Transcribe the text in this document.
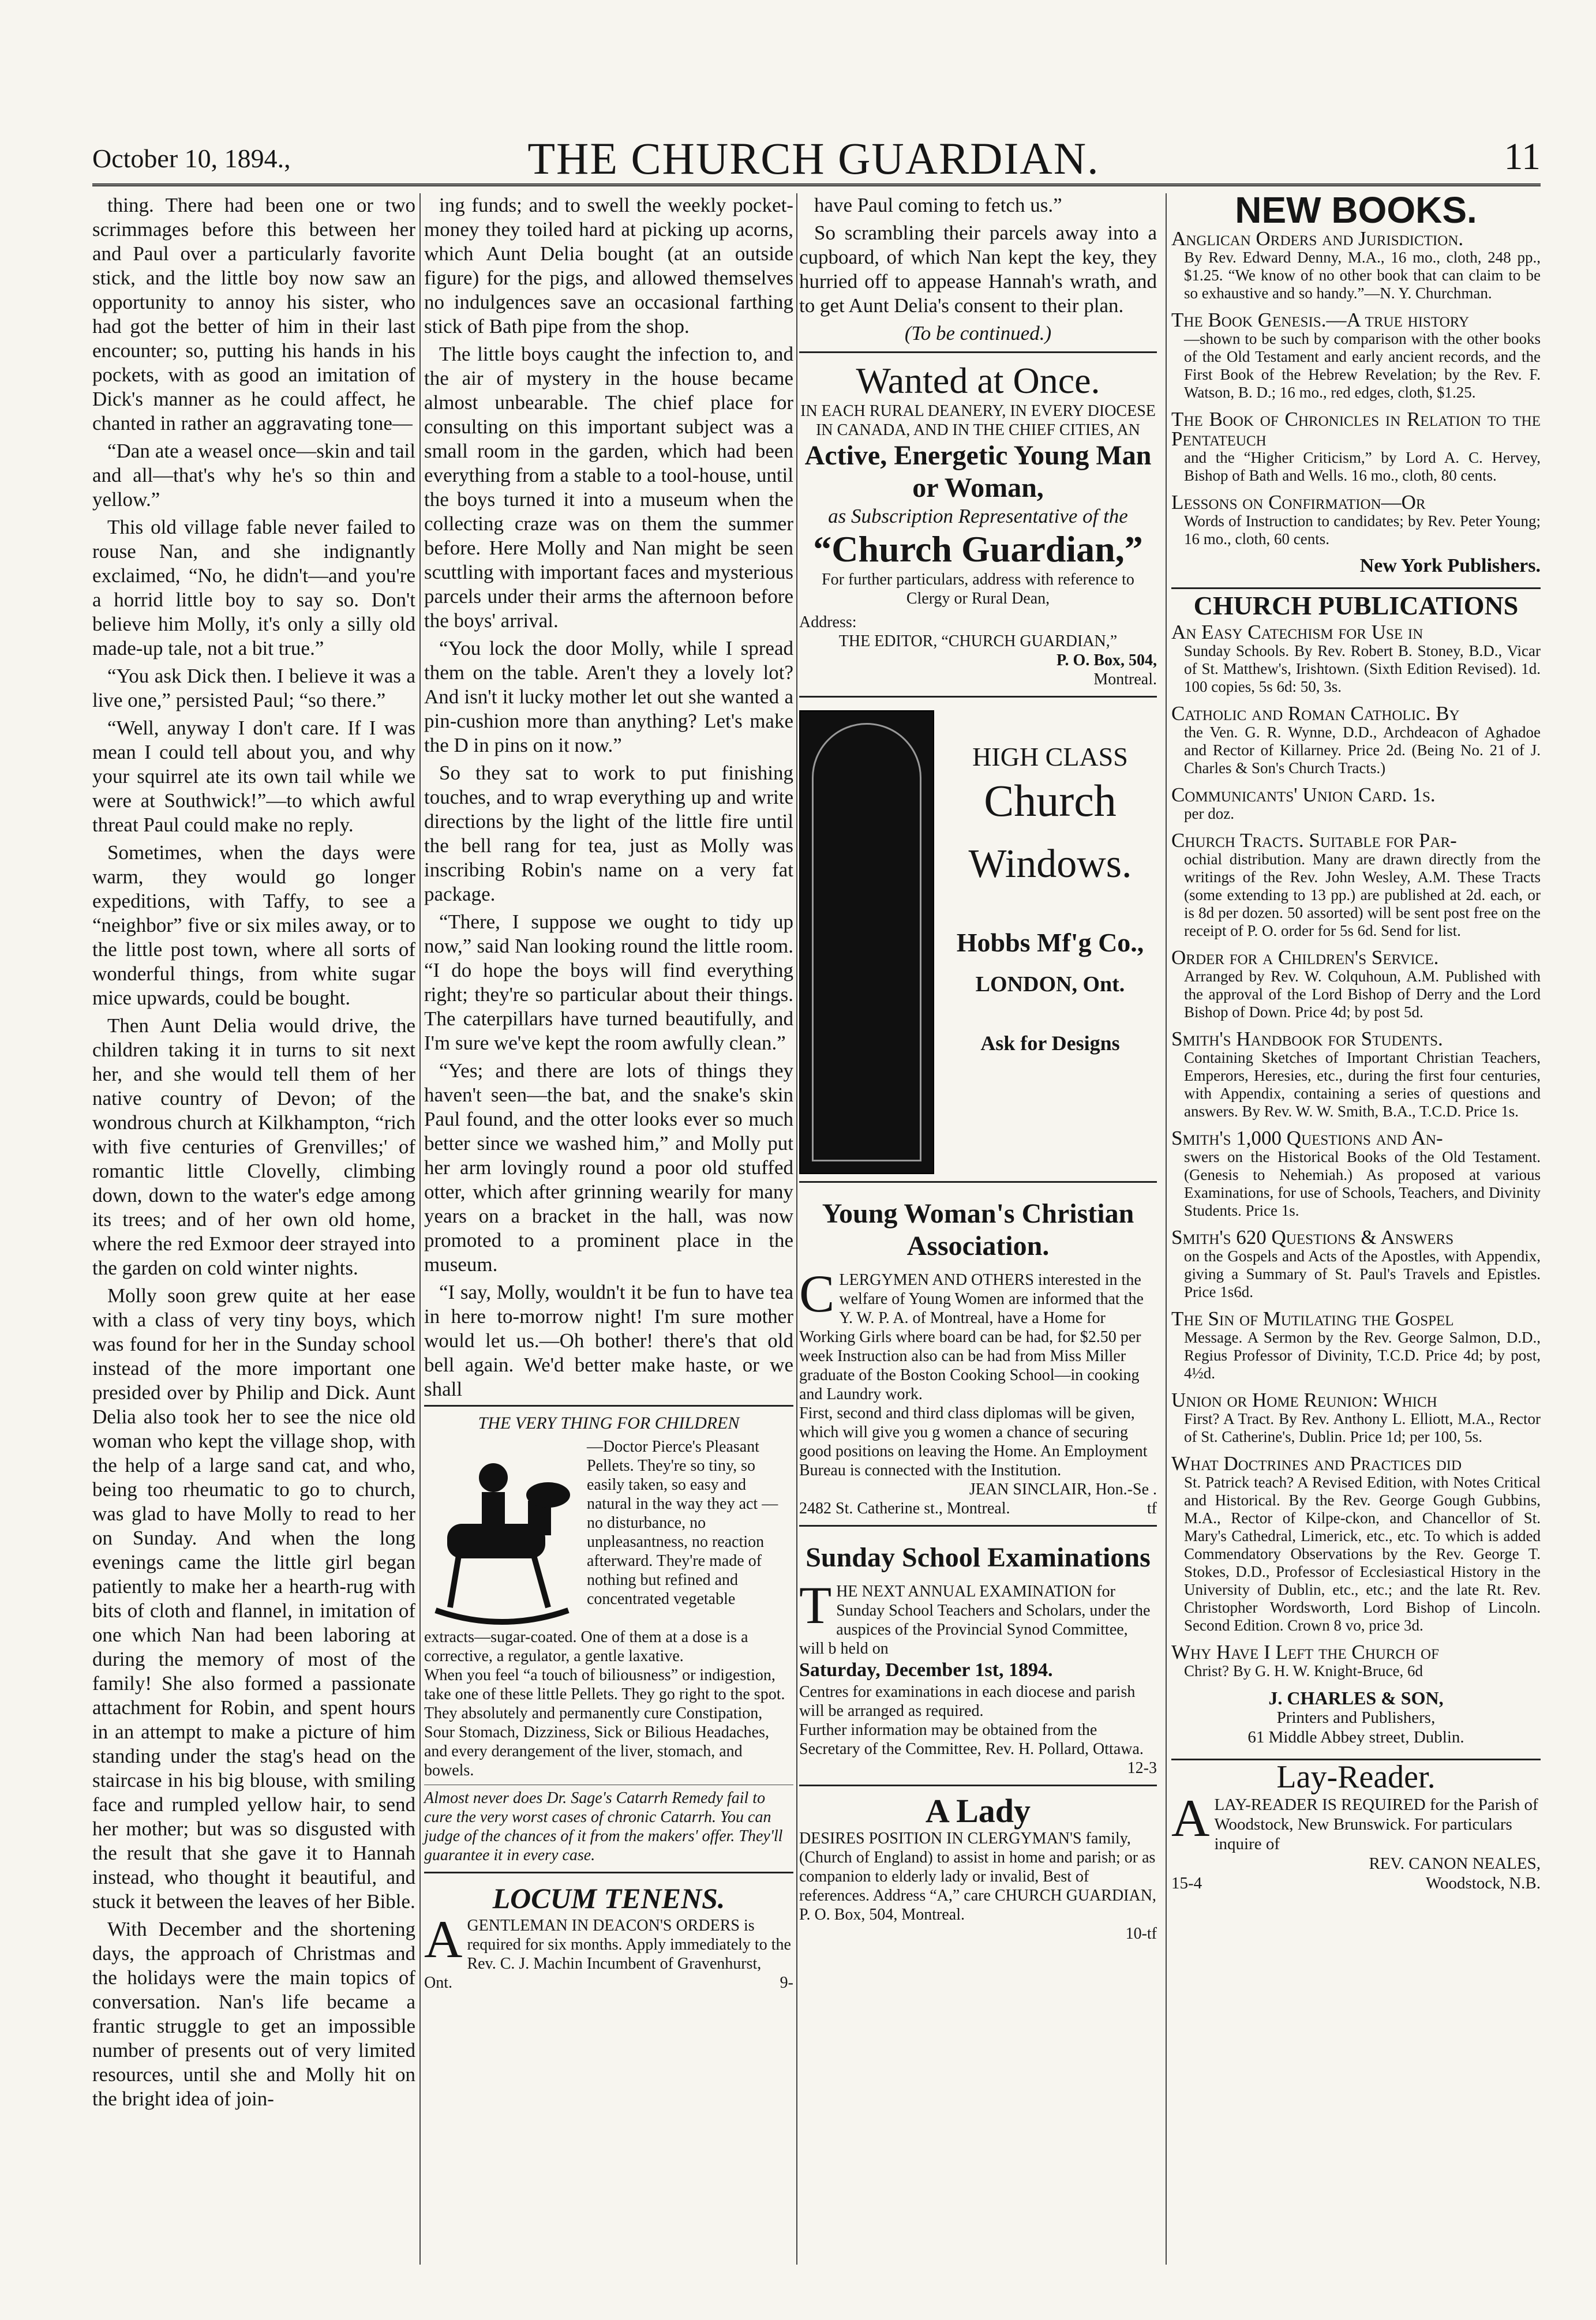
October 10, 1894.,	THE CHURCH GUARDIAN.	11

thing. There had been one or two scrimmages before this between her and Paul over a particularly favorite stick, and the little boy now saw an opportunity to annoy his sister, who had got the better of him in their last encounter; so, putting his hands in his pockets, with as good an imitation of Dick's manner as he could affect, he chanted in rather an aggravating tone—

“Dan ate a weasel once—skin and tail and all—that's why he's so thin and yellow.”

This old village fable never failed to rouse Nan, and she indignantly exclaimed, “No, he didn't—and you're a horrid little boy to say so. Don't believe him Molly, it's only a silly old made-up tale, not a bit true.”

“You ask Dick then. I believe it was a live one,” persisted Paul; “so there.”

“Well, anyway I don't care. If I was mean I could tell about you, and why your squirrel ate its own tail while we were at Southwick!”—to which awful threat Paul could make no reply.

Sometimes, when the days were warm, they would go longer expeditions, with Taffy, to see a “neighbor” five or six miles away, or to the little post town, where all sorts of wonderful things, from white sugar mice upwards, could be bought.

Then Aunt Delia would drive, the children taking it in turns to sit next her, and she would tell them of her native country of Devon; of the wondrous church at Kilkhampton, “rich with five centuries of Grenvilles;' of romantic little Clovelly, climbing down, down to the water's edge among its trees; and of her own old home, where the red Exmoor deer strayed into the garden on cold winter nights.

Molly soon grew quite at her ease with a class of very tiny boys, which was found for her in the Sunday school instead of the more important one presided over by Philip and Dick. Aunt Delia also took her to see the nice old woman who kept the village shop, with the help of a large sand cat, and who, being too rheumatic to go to church, was glad to have Molly to read to her on Sunday. And when the long evenings came the little girl began patiently to make her a hearth-rug with bits of cloth and flannel, in imitation of one which Nan had been laboring at during the memory of most of the family! She also formed a passionate attachment for Robin, and spent hours in an attempt to make a picture of him standing under the stag's head on the staircase in his big blouse, with smiling face and rumpled yellow hair, to send her mother; but was so disgusted with the result that she gave it to Hannah instead, who thought it beautiful, and stuck it between the leaves of her Bible.

With December and the shortening days, the approach of Christmas and the holidays were the main topics of conversation. Nan's life became a frantic struggle to get an impossible number of presents out of very limited resources, until she and Molly hit on the bright idea of join-

ing funds; and to swell the weekly pocket-money they toiled hard at picking up acorns, which Aunt Delia bought (at an outside figure) for the pigs, and allowed themselves no indulgences save an occasional farthing stick of Bath pipe from the shop.

The little boys caught the infection to, and the air of mystery in the house became almost unbearable. The chief place for consulting on this important subject was a small room in the garden, which had been everything from a stable to a tool-house, until the boys turned it into a museum when the collecting craze was on them the summer before. Here Molly and Nan might be seen scuttling with important faces and mysterious parcels under their arms the afternoon before the boys' arrival.

“You lock the door Molly, while I spread them on the table. Aren't they a lovely lot? And isn't it lucky mother let out she wanted a pin-cushion more than anything? Let's make the D in pins on it now.”

So they sat to work to put finishing touches, and to wrap everything up and write directions by the light of the little fire until the bell rang for tea, just as Molly was inscribing Robin's name on a very fat package.

“There, I suppose we ought to tidy up now,” said Nan looking round the little room. “I do hope the boys will find everything right; they're so particular about their things. The caterpillars have turned beautifully, and I'm sure we've kept the room awfully clean.”

“Yes; and there are lots of things they haven't seen—the bat, and the snake's skin Paul found, and the otter looks ever so much better since we washed him,” and Molly put her arm lovingly round a poor old stuffed otter, which after grinning wearily for many years on a bracket in the hall, was now promoted to a prominent place in the museum.

“I say, Molly, wouldn't it be fun to have tea in here to-morrow night! I'm sure mother would let us.—Oh bother! there's that old bell again. We'd better make haste, or we shall

THE VERY THING FOR CHILDREN
—Doctor Pierce's Pleasant Pellets. They're so tiny, so easily taken, so easy and natural in the way they act — no disturbance, no unpleasantness, no reaction afterward. They're made of nothing but refined and concentrated vegetable
extracts—sugar-coated. One of them at a dose is a corrective, a regulator, a gentle laxative.
When you feel “a touch of biliousness” or indigestion, take one of these little Pellets. They go right to the spot.
They absolutely and permanently cure Constipation, Sour Stomach, Dizziness, Sick or Bilious Headaches, and every derangement of the liver, stomach, and bowels.
Almost never does Dr. Sage's Catarrh Remedy fail to cure the very worst cases of chronic Catarrh. You can judge of the chances of it from the makers' offer. They'll guarantee it in every case.
LOCUM TENENS.
A GENTLEMAN IN DEACON'S ORDERS is required for six months. Apply immediately to the Rev. C. J. Machin Incumbent of Gravenhurst, Ont.	9-

have Paul coming to fetch us.”

So scrambling their parcels away into a cupboard, of which Nan kept the key, they hurried off to appease Hannah's wrath, and to get Aunt Delia's consent to their plan.

(To be continued.)
Wanted at Once.
IN EACH RURAL DEANERY, IN EVERY DIOCESE IN CANADA, AND IN THE CHIEF CITIES, AN
Active, Energetic Young Man or Woman,
as Subscription Representative of the
“Church Guardian,”
For further particulars, address with reference to Clergy or Rural Dean,
Address:
THE EDITOR, “CHURCH GUARDIAN,”
P. O. Box, 504,
Montreal.
HIGH CLASS
Church
Windows.
Hobbs Mf'g Co.,
LONDON, Ont.
Ask for Designs
Young Woman's Christian Association.
C LERGYMEN AND OTHERS interested in the welfare of Young Women are informed that the Y. W. P. A. of Montreal, have a Home for Working Girls where board can be had, for $2.50 per week Instruction also can be had from Miss Miller graduate of the Boston Cooking School—in cooking and Laundry work.
First, second and third class diplomas will be given, which will give you g women a chance of securing good positions on leaving the Home. An Employment Bureau is connected with the Institution.
JEAN SINCLAIR, Hon.-Se .
2482 St. Catherine st., Montreal.	tf
Sunday School Examinations
T HE NEXT ANNUAL EXAMINATION for Sunday School Teachers and Scholars, under the auspices of the Provincial Synod Committee, will b held on
Saturday, December 1st, 1894.
Centres for examinations in each diocese and parish will be arranged as required.
Further information may be obtained from the Secretary of the Committee, Rev. H. Pollard, Ottawa.
12-3
A Lady
DESIRES POSITION IN CLERGYMAN'S family, (Church of England) to assist in home and parish; or as companion to elderly lady or invalid, Best of references. Address “A,” care CHURCH GUARDIAN, P. O. Box, 504, Montreal.
10-tf
NEW BOOKS.
Anglican Orders and Jurisdiction.
By Rev. Edward Denny, M.A., 16 mo., cloth, 248 pp., $1.25. “We know of no other book that can claim to be so exhaustive and so handy.”—N. Y. Churchman.
The Book Genesis.—A true history
—shown to be such by comparison with the other books of the Old Testament and early ancient records, and the First Book of the Hebrew Revelation; by the Rev. F. Watson, B. D.; 16 mo., red edges, cloth, $1.25.
The Book of Chronicles in Relation to the Pentateuch
and the “Higher Criticism,” by Lord A. C. Hervey, Bishop of Bath and Wells. 16 mo., cloth, 80 cents.
Lessons on Confirmation—Or
Words of Instruction to candidates; by Rev. Peter Young; 16 mo., cloth, 60 cents.
New York Publishers.
CHURCH PUBLICATIONS
An Easy Catechism for Use in
Sunday Schools. By Rev. Robert B. Stoney, B.D., Vicar of St. Matthew's, Irishtown. (Sixth Edition Revised). 1d. 100 copies, 5s 6d: 50, 3s.
Catholic and Roman Catholic. By
the Ven. G. R. Wynne, D.D., Archdeacon of Aghadoe and Rector of Killarney. Price 2d. (Being No. 21 of J. Charles & Son's Church Tracts.)
Communicants' Union Card. 1s.
per doz.
Church Tracts. Suitable for Par-
ochial distribution. Many are drawn directly from the writings of the Rev. John Wesley, A.M. These Tracts (some extending to 13 pp.) are published at 2d. each, or is 8d per dozen. 50 assorted) will be sent post free on the receipt of P. O. order for 5s 6d. Send for list.
Order for a Children's Service.
Arranged by Rev. W. Colquhoun, A.M. Published with the approval of the Lord Bishop of Derry and the Lord Bishop of Down. Price 4d; by post 5d.
Smith's Handbook for Students.
Containing Sketches of Important Christian Teachers, Emperors, Heresies, etc., during the first four centuries, with Appendix, containing a series of questions and answers. By Rev. W. W. Smith, B.A., T.C.D. Price 1s.
Smith's 1,000 Questions and An-
swers on the Historical Books of the Old Testament. (Genesis to Nehemiah.) As proposed at various Examinations, for use of Schools, Teachers, and Divinity Students. Price 1s.
Smith's 620 Questions & Answers
on the Gospels and Acts of the Apostles, with Appendix, giving a Summary of St. Paul's Travels and Epistles. Price 1s6d.
The Sin of Mutilating the Gospel
Message. A Sermon by the Rev. George Salmon, D.D., Regius Professor of Divinity, T.C.D. Price 4d; by post, 4½d.
Union or Home Reunion: Which
First? A Tract. By Rev. Anthony L. Elliott, M.A., Rector of St. Catherine's, Dublin. Price 1d; per 100, 5s.
What Doctrines and Practices did
St. Patrick teach? A Revised Edition, with Notes Critical and Historical. By the Rev. George Gough Gubbins, M.A., Rector of Kilpe-ckon, and Chancellor of St. Mary's Cathedral, Limerick, etc., etc. To which is added Commendatory Observations by the Rev. George T. Stokes, D.D., Professor of Ecclesiastical History in the University of Dublin, etc., etc.; and the late Rt. Rev. Christopher Wordsworth, Lord Bishop of Lincoln. Second Edition. Crown 8 vo, price 3d.
Why Have I Left the Church of
Christ? By G. H. W. Knight-Bruce, 6d
J. CHARLES & SON,
Printers and Publishers,
61 Middle Abbey street, Dublin.
Lay-Reader.
A LAY-READER IS REQUIRED for the Parish of Woodstock, New Brunswick. For particulars inquire of
REV. CANON NEALES,
15-4	Woodstock, N.B.
